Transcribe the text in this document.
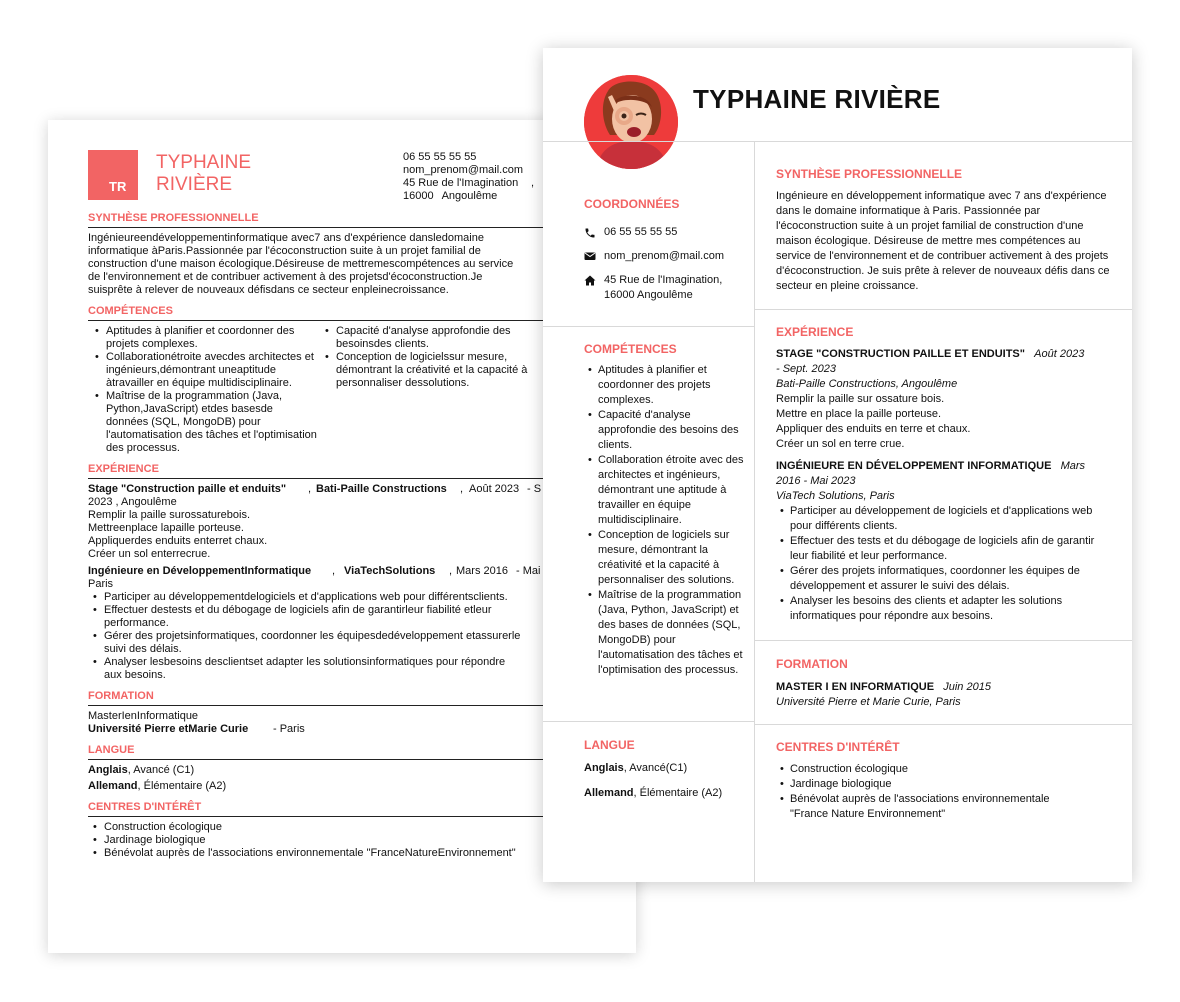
TR
TYPHAINE
RIVIÈRE
06 55 55 55 55
nom_prenom@mail.com
45 Rue de l'Imagination	,
16000 Angoulême
SYNTHÈSE PROFESSIONNELLE

Ingénieureendéveloppementinformatique avec7 ans d'expérience dansledomaine informatique àParis.Passionnée par l'écoconstruction suite à un projet familial de construction d'une maison écologique.Désireuse de mettremescompétences au service de l'environnement et de contribuer activement à des projetsd'écoconstruction.Je suisprête à relever de nouveaux défisdans ce secteur enpleinecroissance.

COMPÉTENCES
• Aptitudes à planifier et coordonner des projets complexes.
• Collaborationétroite avecdes architectes et ingénieurs,démontrant uneaptitude àtravailler en équipe multidisciplinaire.
• Maîtrise de la programmation (Java, Python,JavaScript) etdes basesde données (SQL, MongoDB) pour l'automatisation des tâches et l'optimisation des processus.
• Capacité d'analyse approfondie des besoinsdes clients.
• Conception de logicielssur mesure, démontrant la créativité et la capacité à personnaliser dessolutions.
EXPÉRIENCE
Stage "Construction paille et enduits" , Bati-Paille Constructions , Août 2023 - S
2023 , Angoulême
Remplir la paille surossaturebois.
Mettreenplace lapaille porteuse.
Appliquerdes enduits enterret chaux.
Créer un sol enterrecrue.
Ingénieure en DéveloppementInformatique , ViaTechSolutions , Mars 2016 - Mai
Paris
• Participer au développementdelogiciels et d'applications web pour différentsclients.
• Effectuer destests et du débogage de logiciels afin de garantirleur fiabilité etleur performance.
• Gérer des projetsinformatiques, coordonner les équipesdedéveloppement etassurerle suivi des délais.
• Analyser lesbesoins desclientset adapter les solutionsinformatiques pour répondre aux besoins.
FORMATION
MasterIenInformatique
Université Pierre etMarie Curie - Paris
LANGUE
Anglais, Avancé (C1)
Allemand, Élémentaire (A2)
CENTRES D'INTÉRÊT
• Construction écologique
• Jardinage biologique
• Bénévolat auprès de l'associations environnementale "FranceNatureEnvironnement"
TYPHAINE RIVIÈRE
COORDONNÉES
06 55 55 55 55
nom_prenom@mail.com
45 Rue de l'Imagination,
16000 Angoulême
COMPÉTENCES
• Aptitudes à planifier et coordonner des projets complexes.
• Capacité d'analyse approfondie des besoins des clients.
• Collaboration étroite avec des architectes et ingénieurs, démontrant une aptitude à travailler en équipe multidisciplinaire.
• Conception de logiciels sur mesure, démontrant la créativité et la capacité à personnaliser des solutions.
• Maîtrise de la programmation (Java, Python, JavaScript) et des bases de données (SQL, MongoDB) pour l'automatisation des tâches et l'optimisation des processus.
LANGUE
Anglais, Avancé(C1)
Allemand, Élémentaire (A2)
SYNTHÈSE PROFESSIONNELLE

Ingénieure en développement informatique avec 7 ans d'expérience dans le domaine informatique à Paris. Passionnée par l'écoconstruction suite à un projet familial de construction d'une maison écologique. Désireuse de mettre mes compétences au service de l'environnement et de contribuer activement à des projets d'écoconstruction. Je suis prête à relever de nouveaux défis dans ce secteur en pleine croissance.

EXPÉRIENCE
STAGE "CONSTRUCTION PAILLE ET ENDUITS" Août 2023 - Sept. 2023
Bati-Paille Constructions, Angoulême
Remplir la paille sur ossature bois.
Mettre en place la paille porteuse.
Appliquer des enduits en terre et chaux.
Créer un sol en terre crue.
INGÉNIEURE EN DÉVELOPPEMENT INFORMATIQUE Mars 2016 - Mai 2023
ViaTech Solutions, Paris
• Participer au développement de logiciels et d'applications web pour différents clients.
• Effectuer des tests et du débogage de logiciels afin de garantir leur fiabilité et leur performance.
• Gérer des projets informatiques, coordonner les équipes de développement et assurer le suivi des délais.
• Analyser les besoins des clients et adapter les solutions informatiques pour répondre aux besoins.
FORMATION
MASTER I EN INFORMATIQUE Juin 2015
Université Pierre et Marie Curie, Paris
CENTRES D'INTÉRÊT
• Construction écologique
• Jardinage biologique
• Bénévolat auprès de l'associations environnementale "France Nature Environnement"
